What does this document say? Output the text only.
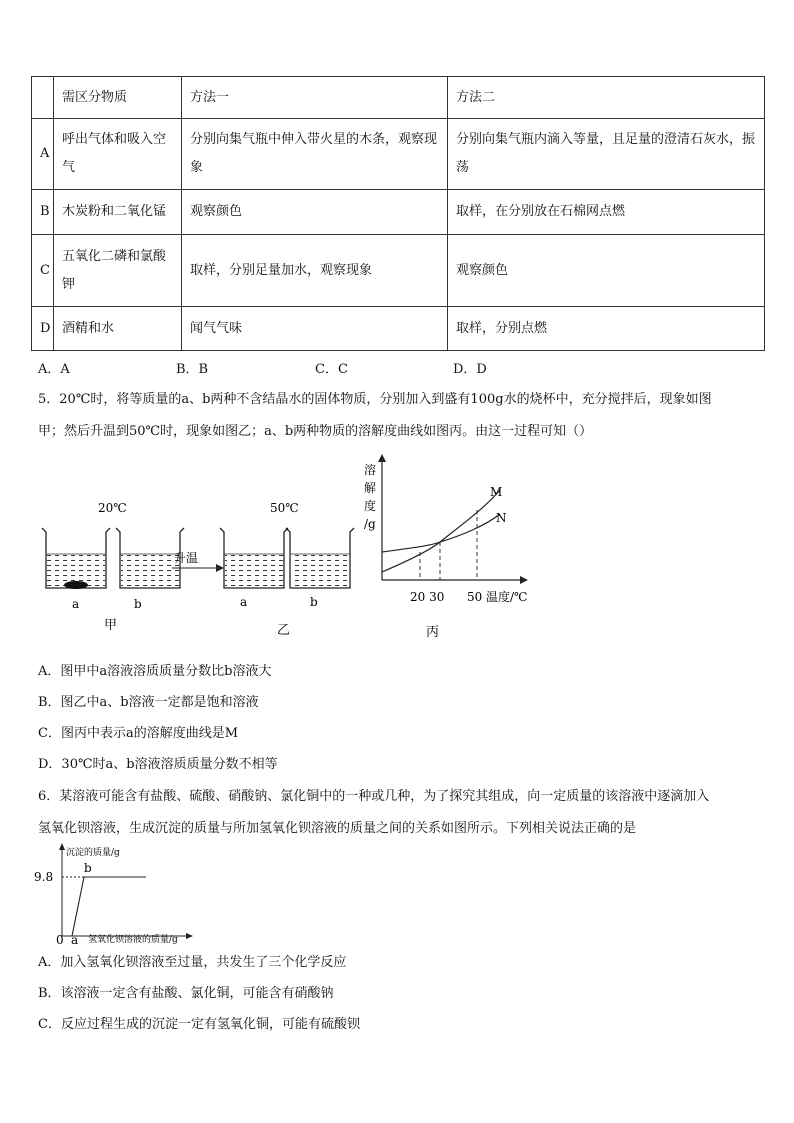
	需区分物质	方法一	方法二
A	呼出气体和吸入空气	分别向集气瓶中伸入带火星的木条，观察现象	分别向集气瓶内滴入等量，且足量的澄清石灰水，振荡
B	木炭粉和二氧化锰	观察颜色	取样，在分别放在石棉网点燃
C	五氧化二磷和氯酸钾	取样，分别足量加水，观察现象	观察颜色
D	酒精和水	闻气气味	取样，分别点燃
A．A	B．B	C．C	D．D
5．20℃时，将等质量的a、b两种不含结晶水的固体物质，分别加入到盛有100g水的烧杯中，充分搅拌后，现象如图
甲；然后升温到50℃时，现象如图乙；a、b两种物质的溶解度曲线如图丙。由这一过程可知（）
20℃	50℃
升温
a	b	a	b
甲	乙	丙
溶
解
度
/g
M
N
20 30 50 温度/℃
A．图甲中a溶液溶质质量分数比b溶液大
B．图乙中a、b溶液一定都是饱和溶液
C．图丙中表示a的溶解度曲线是M
D．30℃时a、b溶液溶质质量分数不相等
6．某溶液可能含有盐酸、硫酸、硝酸钠、氯化铜中的一种或几种，为了探究其组成，向一定质量的该溶液中逐滴加入
氢氧化钡溶液，生成沉淀的质量与所加氢氧化钡溶液的质量之间的关系如图所示。下列相关说法正确的是
沉淀的质量/g
9.8
b
0 a 氢氧化钡溶液的质量/g
A．加入氢氧化钡溶液至过量，共发生了三个化学反应
B．该溶液一定含有盐酸、氯化铜，可能含有硝酸钠
C．反应过程生成的沉淀一定有氢氧化铜，可能有硫酸钡
